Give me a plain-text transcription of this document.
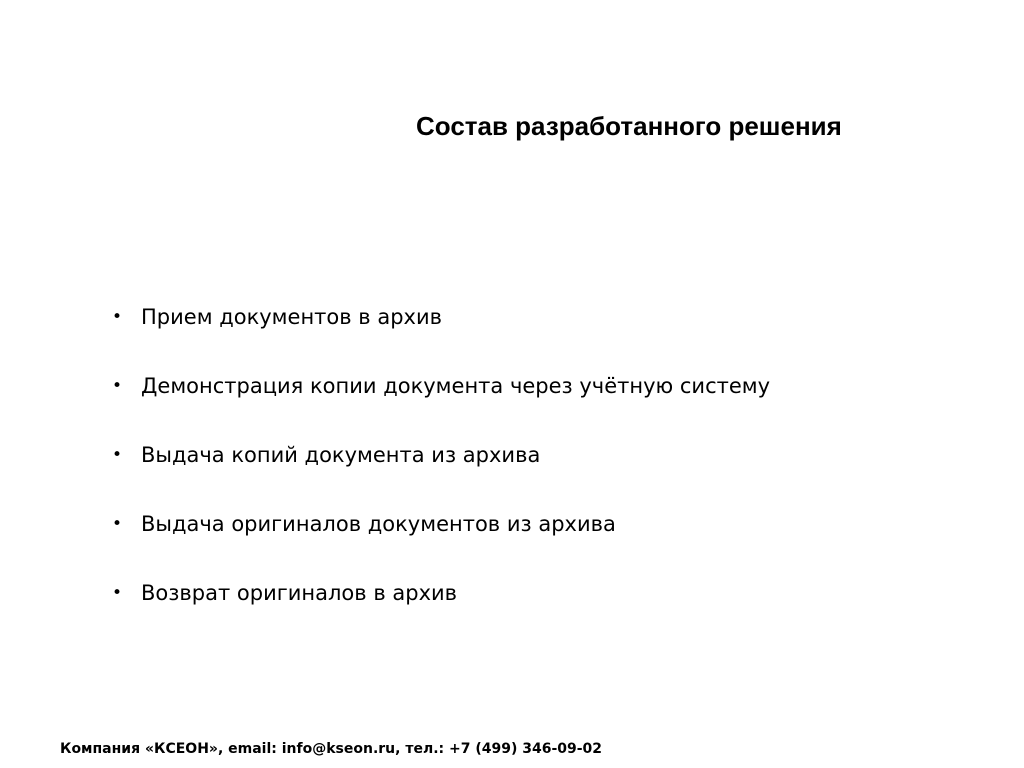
Состав разработанного решения
• Прием документов в архив
• Демонстрация копии документа через учётную систему
• Выдача копий документа из архива
• Выдача оригиналов документов из архива
• Возврат оригиналов в архив
Компания «КСЕОН», email: info@kseon.ru, тел.: +7 (499) 346-09-02
